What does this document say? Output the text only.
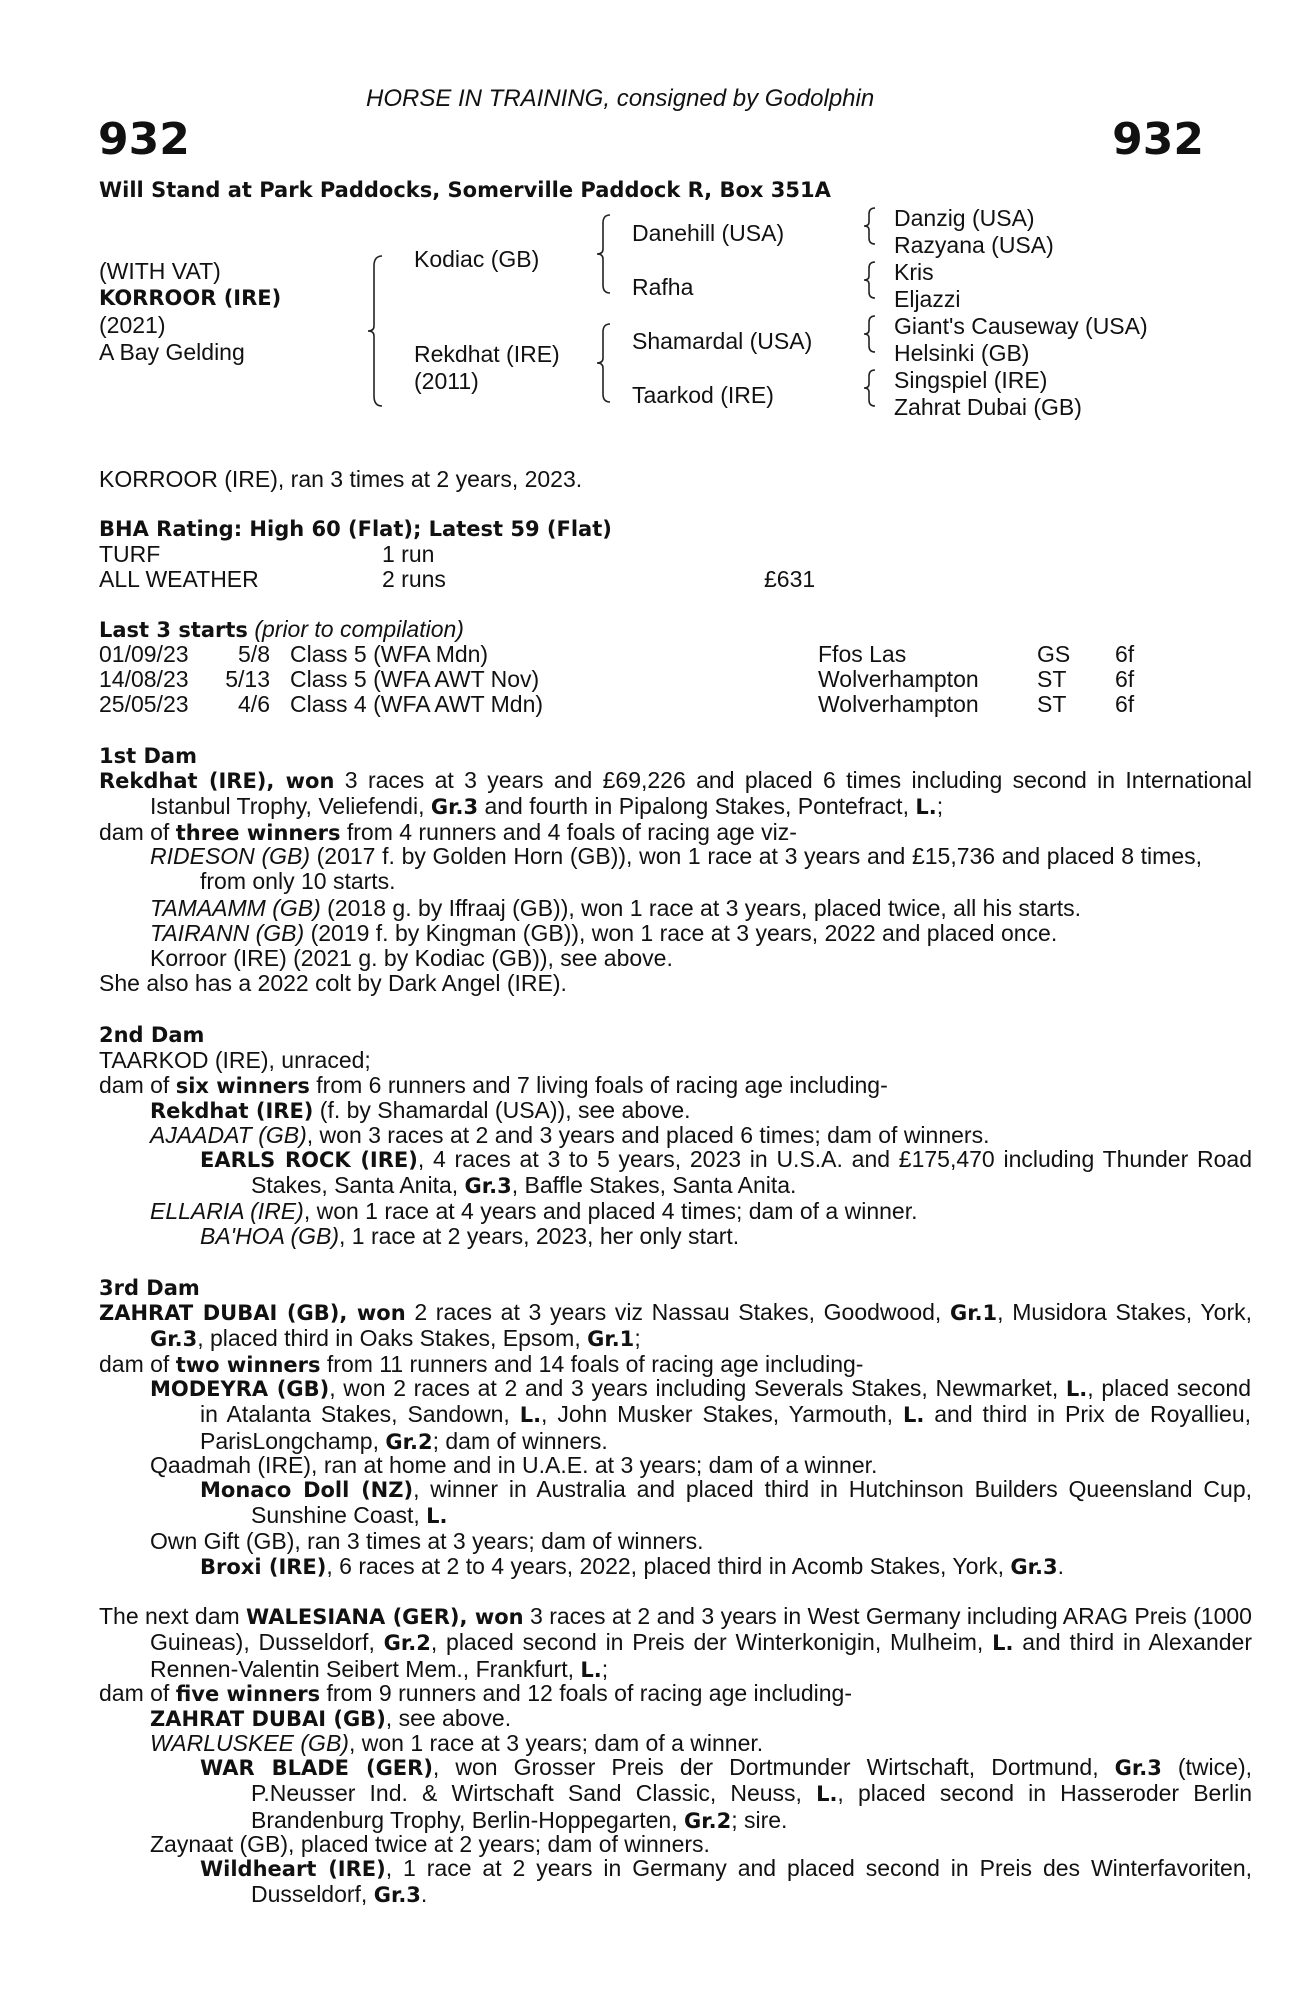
HORSE IN TRAINING, consigned by Godolphin
932	932
Will Stand at Park Paddocks, Somerville Paddock R, Box 351A
(WITH VAT)
KORROOR (IRE)
(2021)
A Bay Gelding
Kodiac (GB)
Rekdhat (IRE)
(2011)
Danehill (USA)
Rafha
Shamardal (USA)
Taarkod (IRE)
Danzig (USA)
Razyana (USA)
Kris
Eljazzi
Giant's Causeway (USA)
Helsinki (GB)
Singspiel (IRE)
Zahrat Dubai (GB)
KORROOR (IRE), ran 3 times at 2 years, 2023.
BHA Rating: High 60 (Flat); Latest 59 (Flat)
TURF	1 run
ALL WEATHER	2 runs	£631
Last 3 starts (prior to compilation)
01/09/23 5/8 Class 5 (WFA Mdn)	Ffos Las	GS 6f
14/08/23 5/13 Class 5 (WFA AWT Nov)	Wolverhampton	ST 6f
25/05/23 4/6 Class 4 (WFA AWT Mdn)	Wolverhampton	ST 6f
1st Dam
Rekdhat (IRE), won 3 races at 3 years and £69,226 and placed 6 times including second in International Istanbul Trophy, Veliefendi, Gr.3 and fourth in Pipalong Stakes, Pontefract, L.;
dam of three winners from 4 runners and 4 foals of racing age viz-
RIDESON (GB) (2017 f. by Golden Horn (GB)), won 1 race at 3 years and £15,736 and placed 8 times, from only 10 starts.
TAMAAMM (GB) (2018 g. by Iffraaj (GB)), won 1 race at 3 years, placed twice, all his starts.
TAIRANN (GB) (2019 f. by Kingman (GB)), won 1 race at 3 years, 2022 and placed once.
Korroor (IRE) (2021 g. by Kodiac (GB)), see above.
She also has a 2022 colt by Dark Angel (IRE).
2nd Dam
TAARKOD (IRE), unraced;
dam of six winners from 6 runners and 7 living foals of racing age including-
Rekdhat (IRE) (f. by Shamardal (USA)), see above.
AJAADAT (GB), won 3 races at 2 and 3 years and placed 6 times; dam of winners.
EARLS ROCK (IRE), 4 races at 3 to 5 years, 2023 in U.S.A. and £175,470 including Thunder Road Stakes, Santa Anita, Gr.3, Baffle Stakes, Santa Anita.
ELLARIA (IRE), won 1 race at 4 years and placed 4 times; dam of a winner.
BA'HOA (GB), 1 race at 2 years, 2023, her only start.
3rd Dam
ZAHRAT DUBAI (GB), won 2 races at 3 years viz Nassau Stakes, Goodwood, Gr.1, Musidora Stakes, York, Gr.3, placed third in Oaks Stakes, Epsom, Gr.1;
dam of two winners from 11 runners and 14 foals of racing age including-
MODEYRA (GB), won 2 races at 2 and 3 years including Severals Stakes, Newmarket, L., placed second in Atalanta Stakes, Sandown, L., John Musker Stakes, Yarmouth, L. and third in Prix de Royallieu, ParisLongchamp, Gr.2; dam of winners.
Qaadmah (IRE), ran at home and in U.A.E. at 3 years; dam of a winner.
Monaco Doll (NZ), winner in Australia and placed third in Hutchinson Builders Queensland Cup, Sunshine Coast, L.
Own Gift (GB), ran 3 times at 3 years; dam of winners.
Broxi (IRE), 6 races at 2 to 4 years, 2022, placed third in Acomb Stakes, York, Gr.3.
The next dam WALESIANA (GER), won 3 races at 2 and 3 years in West Germany including ARAG Preis (1000 Guineas), Dusseldorf, Gr.2, placed second in Preis der Winterkonigin, Mulheim, L. and third in Alexander Rennen-Valentin Seibert Mem., Frankfurt, L.;
dam of five winners from 9 runners and 12 foals of racing age including-
ZAHRAT DUBAI (GB), see above.
WARLUSKEE (GB), won 1 race at 3 years; dam of a winner.
WAR BLADE (GER), won Grosser Preis der Dortmunder Wirtschaft, Dortmund, Gr.3 (twice), P.Neusser Ind. & Wirtschaft Sand Classic, Neuss, L., placed second in Hasseroder Berlin Brandenburg Trophy, Berlin-Hoppegarten, Gr.2; sire.
Zaynaat (GB), placed twice at 2 years; dam of winners.
Wildheart (IRE), 1 race at 2 years in Germany and placed second in Preis des Winterfavoriten, Dusseldorf, Gr.3.
